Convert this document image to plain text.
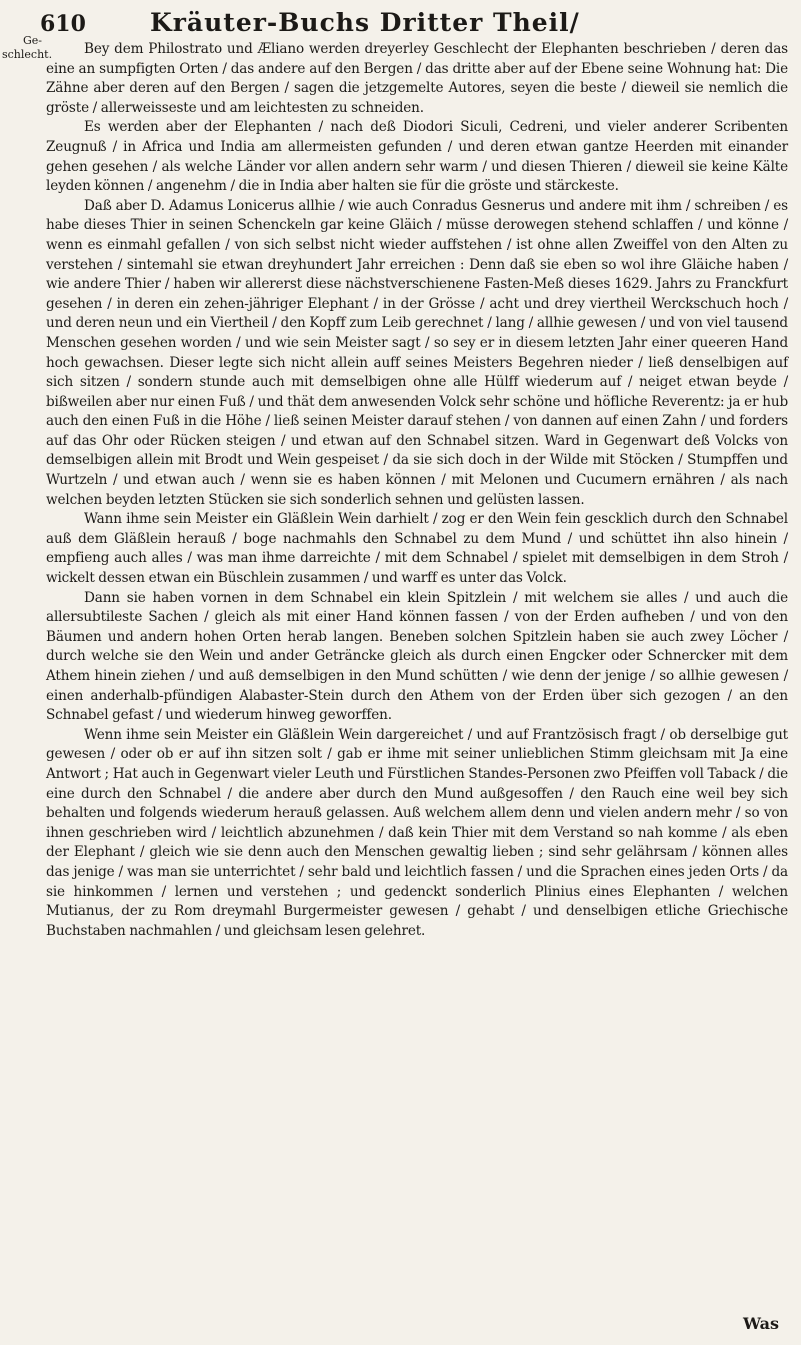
610	Kräuter-Buchs Dritter Theil/
Ge-schlecht.	Bey dem Philostrato und Æliano werden dreyerley Geschlecht der Elephanten beschrieben / deren das eine an sumpfigten Orten / das andere auf den Bergen / das dritte aber auf der Ebene seine Wohnung hat: Die Zähne aber deren auf den Bergen / sagen die jetzgemelte Autores, seyen die beste / dieweil sie nemlich die gröste / allerweisseste und am leichtesten zu schneiden.

Es werden aber der Elephanten / nach deß Diodori Siculi, Cedreni, und vieler anderer Scribenten Zeugnuß / in Africa und India am allermeisten gefunden / und deren etwan gantze Heerden mit einander gehen gesehen / als welche Länder vor allen andern sehr warm / und diesen Thieren / dieweil sie keine Kälte leyden können / angenehm / die in India aber halten sie für die gröste und stärckeste.

Daß aber D. Adamus Lonicerus allhie / wie auch Conradus Gesnerus und andere mit ihm / schreiben / es habe dieses Thier in seinen Schenckeln gar keine Gläich / müsse derowegen stehend schlaffen / und könne / wenn es einmahl gefallen / von sich selbst nicht wieder auffstehen / ist ohne allen Zweiffel von den Alten zu verstehen / sintemahl sie etwan dreyhundert Jahr erreichen : Denn daß sie eben so wol ihre Gläiche haben / wie andere Thier / haben wir allererst diese nächstverschienene Fasten-Meß dieses 1629. Jahrs zu Franckfurt gesehen / in deren ein zehen-jähriger Elephant / in der Grösse / acht und drey viertheil Werckschuch hoch / und deren neun und ein Viertheil / den Kopff zum Leib gerechnet / lang / allhie gewesen / und von viel tausend Menschen gesehen worden / und wie sein Meister sagt / so sey er in diesem letzten Jahr einer queeren Hand hoch gewachsen. Dieser legte sich nicht allein auff seines Meisters Begehren nieder / ließ denselbigen auf sich sitzen / sondern stunde auch mit demselbigen ohne alle Hülff wiederum auf / neiget etwan beyde / bißweilen aber nur einen Fuß / und thät dem anwesenden Volck sehr schöne und höfliche Reverentz: ja er hub auch den einen Fuß in die Höhe / ließ seinen Meister darauf stehen / von dannen auf einen Zahn / und forders auf das Ohr oder Rücken steigen / und etwan auf den Schnabel sitzen. Ward in Gegenwart deß Volcks von demselbigen allein mit Brodt und Wein gespeiset / da sie sich doch in der Wilde mit Stöcken / Stumpffen und Wurtzeln / und etwan auch / wenn sie es haben können / mit Melonen und Cucumern ernähren / als nach welchen beyden letzten Stücken sie sich sonderlich sehnen und gelüsten lassen.

Wann ihme sein Meister ein Gläßlein Wein darhielt / zog er den Wein fein gescklich durch den Schnabel auß dem Gläßlein herauß / boge nachmahls den Schnabel zu dem Mund / und schüttet ihn also hinein / empfieng auch alles / was man ihme darreichte / mit dem Schnabel / spielet mit demselbigen in dem Stroh / wickelt dessen etwan ein Büschlein zusammen / und warff es unter das Volck.

Dann sie haben vornen in dem Schnabel ein klein Spitzlein / mit welchem sie alles / und auch die allersubtileste Sachen / gleich als mit einer Hand können fassen / von der Erden aufheben / und von den Bäumen und andern hohen Orten herab langen. Beneben solchen Spitzlein haben sie auch zwey Löcher / durch welche sie den Wein und ander Geträncke gleich als durch einen Engcker oder Schnercker mit dem Athem hinein ziehen / und auß demselbigen in den Mund schütten / wie denn der jenige / so allhie gewesen / einen anderhalb-pfündigen Alabaster-Stein durch den Athem von der Erden über sich gezogen / an den Schnabel gefast / und wiederum hinweg geworffen.

Wenn ihme sein Meister ein Gläßlein Wein dargereichet / und auf Frantzösisch fragt / ob derselbige gut gewesen / oder ob er auf ihn sitzen solt / gab er ihme mit seiner unlieblichen Stimm gleichsam mit Ja eine Antwort ; Hat auch in Gegenwart vieler Leuth und Fürstlichen Standes-Personen zwo Pfeiffen voll Taback / die eine durch den Schnabel / die andere aber durch den Mund außgesoffen / den Rauch eine weil bey sich behalten und folgends wiederum herauß gelassen. Auß welchem allem denn und vielen andern mehr / so von ihnen geschrieben wird / leichtlich abzunehmen / daß kein Thier mit dem Verstand so nah komme / als eben der Elephant / gleich wie sie denn auch den Menschen gewaltig lieben ; sind sehr gelährsam / können alles das jenige / was man sie unterrichtet / sehr bald und leichtlich fassen / und die Sprachen eines jeden Orts / da sie hinkommen / lernen und verstehen ; und gedenckt sonderlich Plinius eines Elephanten / welchen Mutianus, der zu Rom dreymahl Burgermeister gewesen / gehabt / und denselbigen etliche Griechische Buchstaben nachmahlen / und gleichsam lesen gelehret.

Was
